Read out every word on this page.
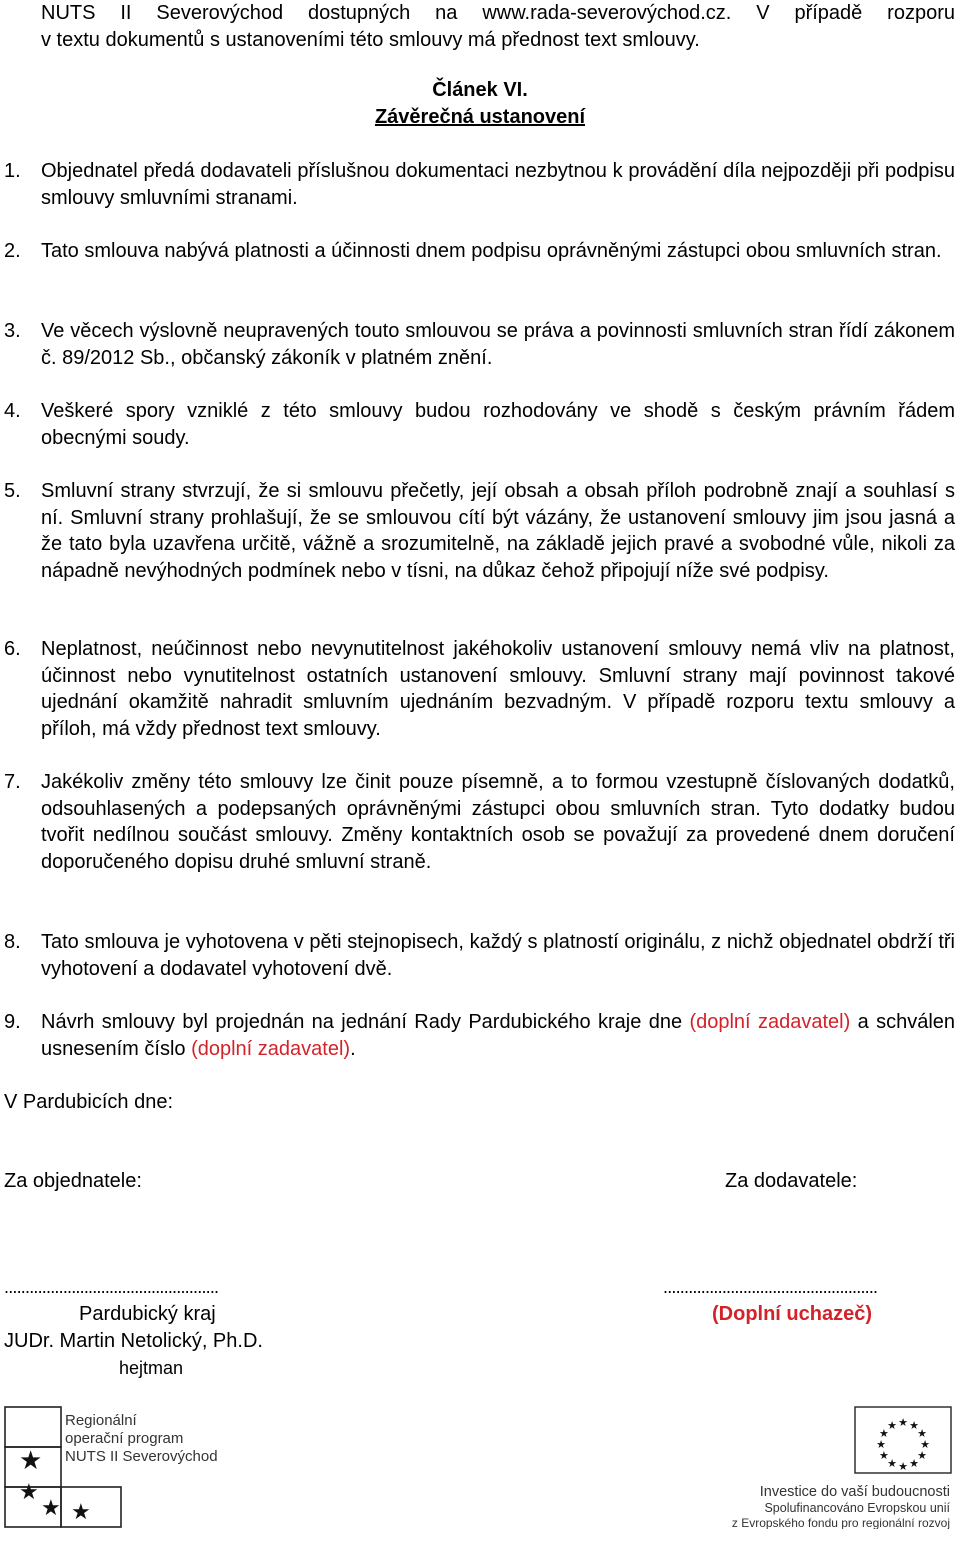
NUTS II Severovýchod dostupných na www.rada-severovýchod.cz. V případě rozporu
v textu dokumentů s ustanoveními této smlouvy má přednost text smlouvy.
Článek VI.
Závěrečná ustanovení
1. Objednatel předá dodavateli příslušnou dokumentaci nezbytnou k provádění díla nejpozději při podpisu smlouvy smluvními stranami.
2. Tato smlouva nabývá platnosti a účinnosti dnem podpisu oprávněnými zástupci obou smluvních stran.
3. Ve věcech výslovně neupravených touto smlouvou se práva a povinnosti smluvních stran řídí zákonem č. 89/2012 Sb., občanský zákoník v platném znění.
4. Veškeré spory vzniklé z této smlouvy budou rozhodovány ve shodě s českým právním řádem obecnými soudy.
5. Smluvní strany stvrzují, že si smlouvu přečetly, její obsah a obsah příloh podrobně znají a souhlasí s ní. Smluvní strany prohlašují, že se smlouvou cítí být vázány, že ustanovení smlouvy jim jsou jasná a že tato byla uzavřena určitě, vážně a srozumitelně, na základě jejich pravé a svobodné vůle, nikoli za nápadně nevýhodných podmínek nebo v tísni, na důkaz čehož připojují níže své podpisy.
6. Neplatnost, neúčinnost nebo nevynutitelnost jakéhokoliv ustanovení smlouvy nemá vliv na platnost, účinnost nebo vynutitelnost ostatních ustanovení smlouvy. Smluvní strany mají povinnost takové ujednání okamžitě nahradit smluvním ujednáním bezvadným. V případě rozporu textu smlouvy a příloh, má vždy přednost text smlouvy.
7. Jakékoliv změny této smlouvy lze činit pouze písemně, a to formou vzestupně číslovaných dodatků, odsouhlasených a podepsaných oprávněnými zástupci obou smluvních stran. Tyto dodatky budou tvořit nedílnou součást smlouvy. Změny kontaktních osob se považují za provedené dnem doručení doporučeného dopisu druhé smluvní straně.
8. Tato smlouva je vyhotovena v pěti stejnopisech, každý s platností originálu, z nichž objednatel obdrží tři vyhotovení a dodavatel vyhotovení dvě.
9. Návrh smlouvy byl projednán na jednání Rady Pardubického kraje dne (doplní zadavatel) a schválen usnesením číslo (doplní zadavatel).
V Pardubicích dne:
Za objednatele:	Za dodavatele:
...................................................	...................................................
Pardubický kraj
JUDr. Martin Netolický, Ph.D.
hejtman
(Doplní uchazeč)
★
★
★ ★
Regionální
operační program
NUTS II Severovýchod
★ ★
★
★
★
★
★
★
★
★
★
★
Investice do vaší budoucnosti
Spolufinancováno Evropskou unií
z Evropského fondu pro regionální rozvoj
